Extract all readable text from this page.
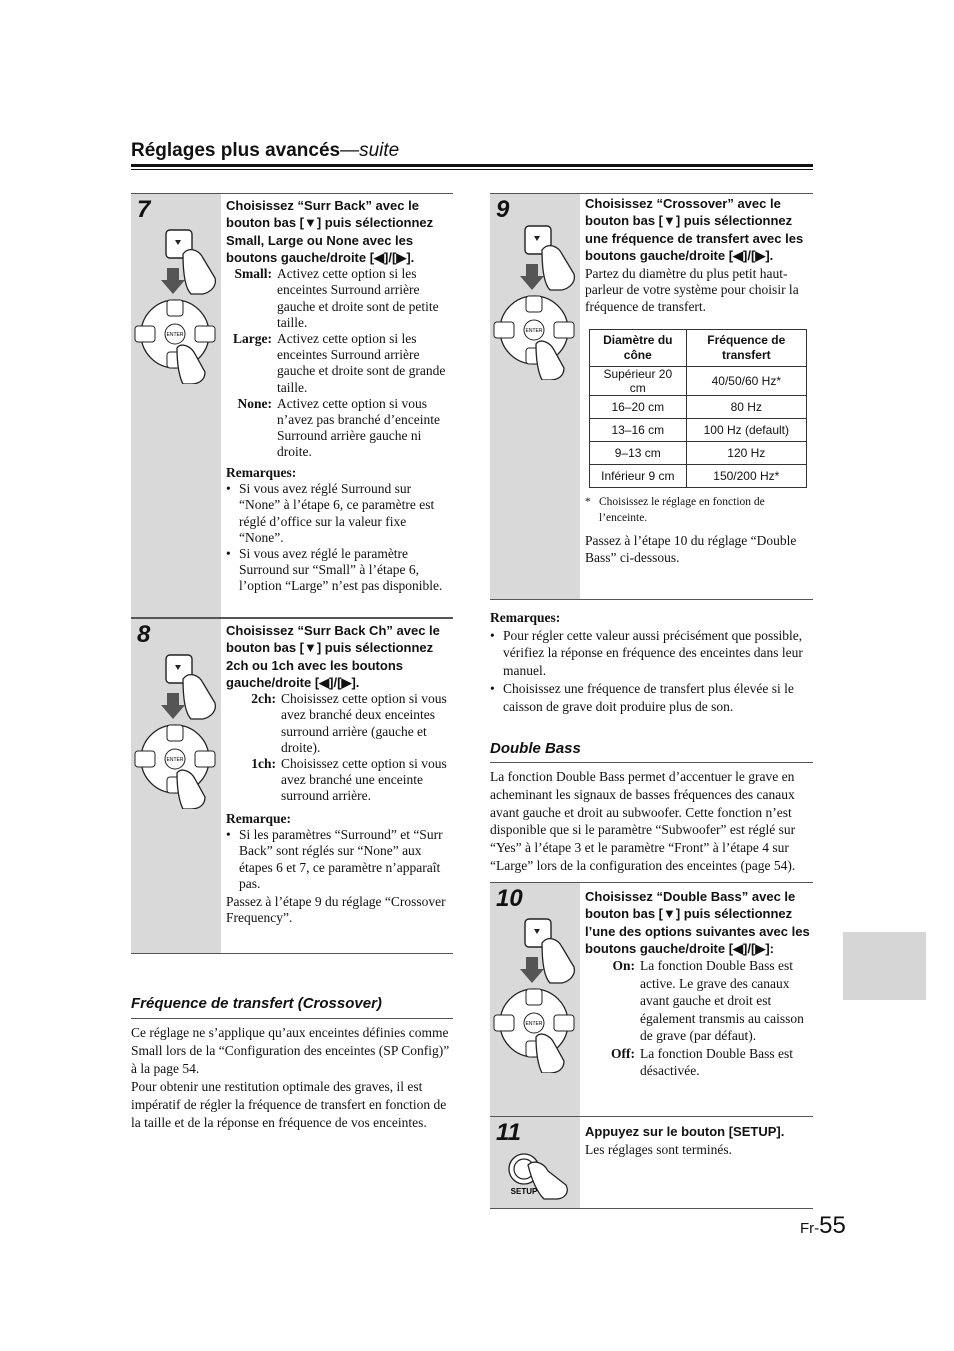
Réglages plus avancés—suite
7
ENTER
Choisissez “Surr Back” avec le bouton bas [▼] puis sélectionnez Small, Large ou None avec les boutons gauche/droite [◀]/[▶].
Small: Activez cette option si les enceintes Surround arrière gauche et droite sont de petite taille.
Large: Activez cette option si les enceintes Surround arrière gauche et droite sont de grande taille.
None: Activez cette option si vous n’avez pas branché d’enceinte Surround arrière gauche ni droite.
Remarques:
• Si vous avez réglé Surround sur “None” à l’étape 6, ce paramètre est réglé d’office sur la valeur fixe “None”.
• Si vous avez réglé le paramètre Surround sur “Small” à l’étape 6, l’option “Large” n’est pas disponible.
8
ENTER
Choisissez “Surr Back Ch” avec le bouton bas [▼] puis sélectionnez 2ch ou 1ch avec les boutons gauche/droite [◀]/[▶].
2ch: Choisissez cette option si vous avez branché deux enceintes surround arrière (gauche et droite).
1ch: Choisissez cette option si vous avez branché une enceinte surround arrière.
Remarque:
• Si les paramètres “Surround” et “Surr Back” sont réglés sur “None” aux étapes 6 et 7, ce paramètre n’apparaît pas.
Passez à l’étape 9 du réglage “Crossover Frequency”.
Fréquence de transfert (Crossover)
Ce réglage ne s’applique qu’aux enceintes définies comme Small lors de la “Configuration des enceintes (SP Config)” à la page 54.
Pour obtenir une restitution optimale des graves, il est impératif de régler la fréquence de transfert en fonction de la taille et de la réponse en fréquence de vos enceintes.
9
ENTER
Choisissez “Crossover” avec le bouton bas [▼] puis sélectionnez une fréquence de transfert avec les boutons gauche/droite [◀]/[▶].
Partez du diamètre du plus petit haut-parleur de votre système pour choisir la fréquence de transfert.
Diamètre du cône	Fréquence de transfert
Supérieur 20 cm	40/50/60 Hz*
16–20 cm	80 Hz
13–16 cm	100 Hz (default)
9–13 cm	120 Hz
Inférieur 9 cm	150/200 Hz*
* Choisissez le réglage en fonction de l’enceinte.
Passez à l’étape 10 du réglage “Double Bass” ci-dessous.
Remarques:
• Pour régler cette valeur aussi précisément que possible, vérifiez la réponse en fréquence des enceintes dans leur manuel.
• Choisissez une fréquence de transfert plus élevée si le caisson de grave doit produire plus de son.
Double Bass
La fonction Double Bass permet d’accentuer le grave en acheminant les signaux de basses fréquences des canaux avant gauche et droit au subwoofer. Cette fonction n’est disponible que si le paramètre “Subwoofer” est réglé sur “Yes” à l’étape 3 et le paramètre “Front” à l’étape 4 sur “Large” lors de la configuration des enceintes (page 54).
10
ENTER
Choisissez “Double Bass” avec le bouton bas [▼] puis sélectionnez l’une des options suivantes avec les boutons gauche/droite [◀]/[▶]:
On: La fonction Double Bass est active. Le grave des canaux avant gauche et droit est également transmis au caisson de grave (par défaut).
Off: La fonction Double Bass est désactivée.
11
SETUP
Appuyez sur le bouton [SETUP].
Les réglages sont terminés.
Fr-55
